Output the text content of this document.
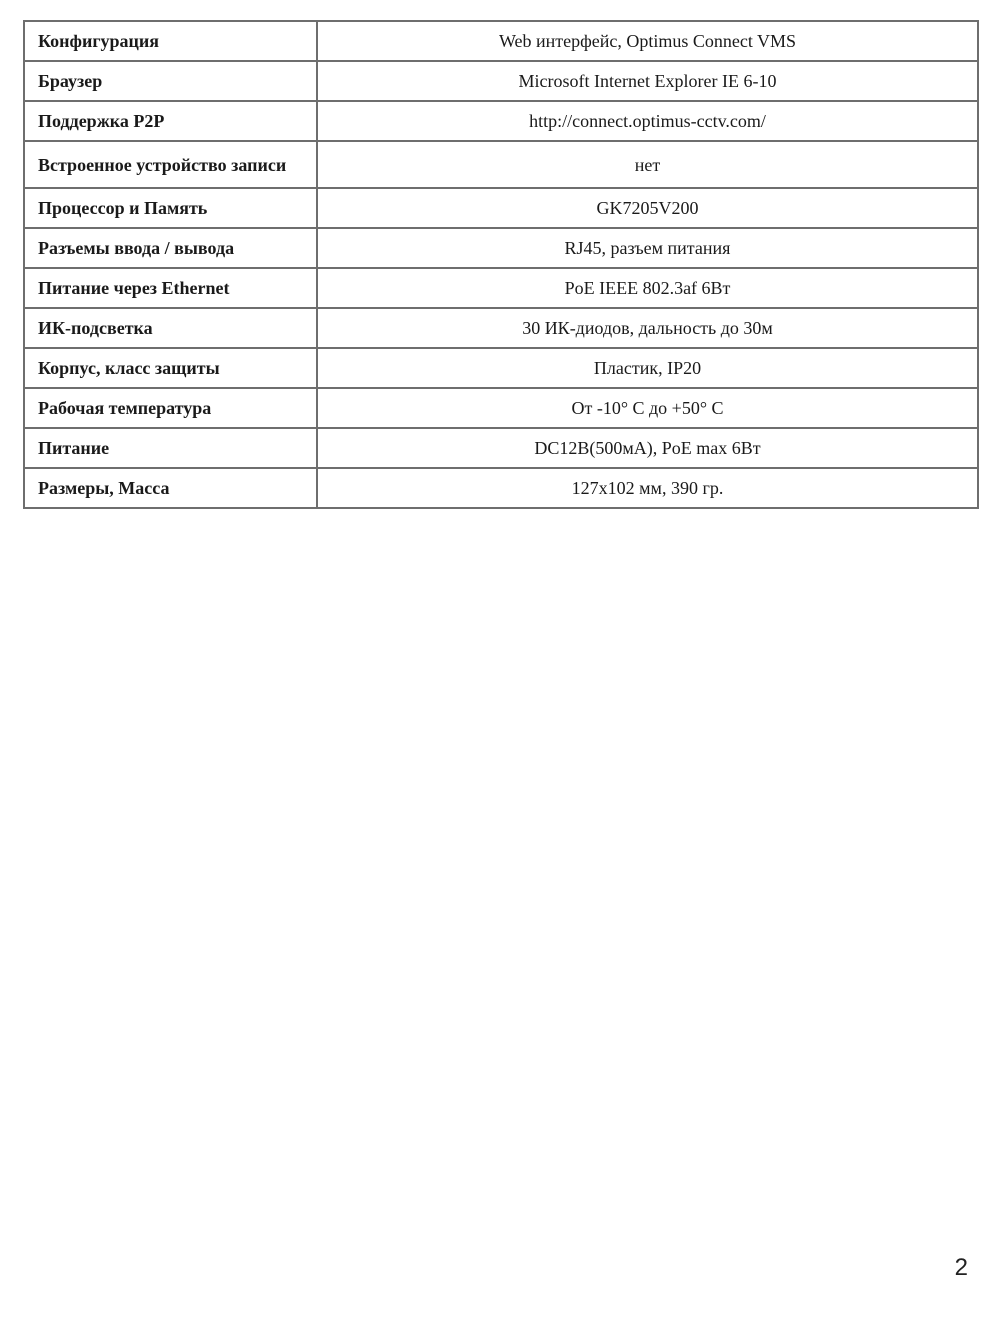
Конфигурация	Web интерфейс, Optimus Connect VMS
Браузер	Microsoft Internet Explorer IE 6-10
Поддержка P2P	http://connect.optimus-cctv.com/
Встроенное устройство записи	нет
Процессор и Память	GK7205V200
Разъемы ввода / вывода	RJ45, разъем питания
Питание через Ethernet	PoE IEEE 802.3af 6Вт
ИК-подсветка	30 ИК-диодов, дальность до 30м
Корпус, класс защиты	Пластик, IP20
Рабочая температура	От -10° C до +50° C
Питание	DC12В(500мА), PoE max 6Вт
Размеры, Масса	127x102 мм, 390 гр.
2
